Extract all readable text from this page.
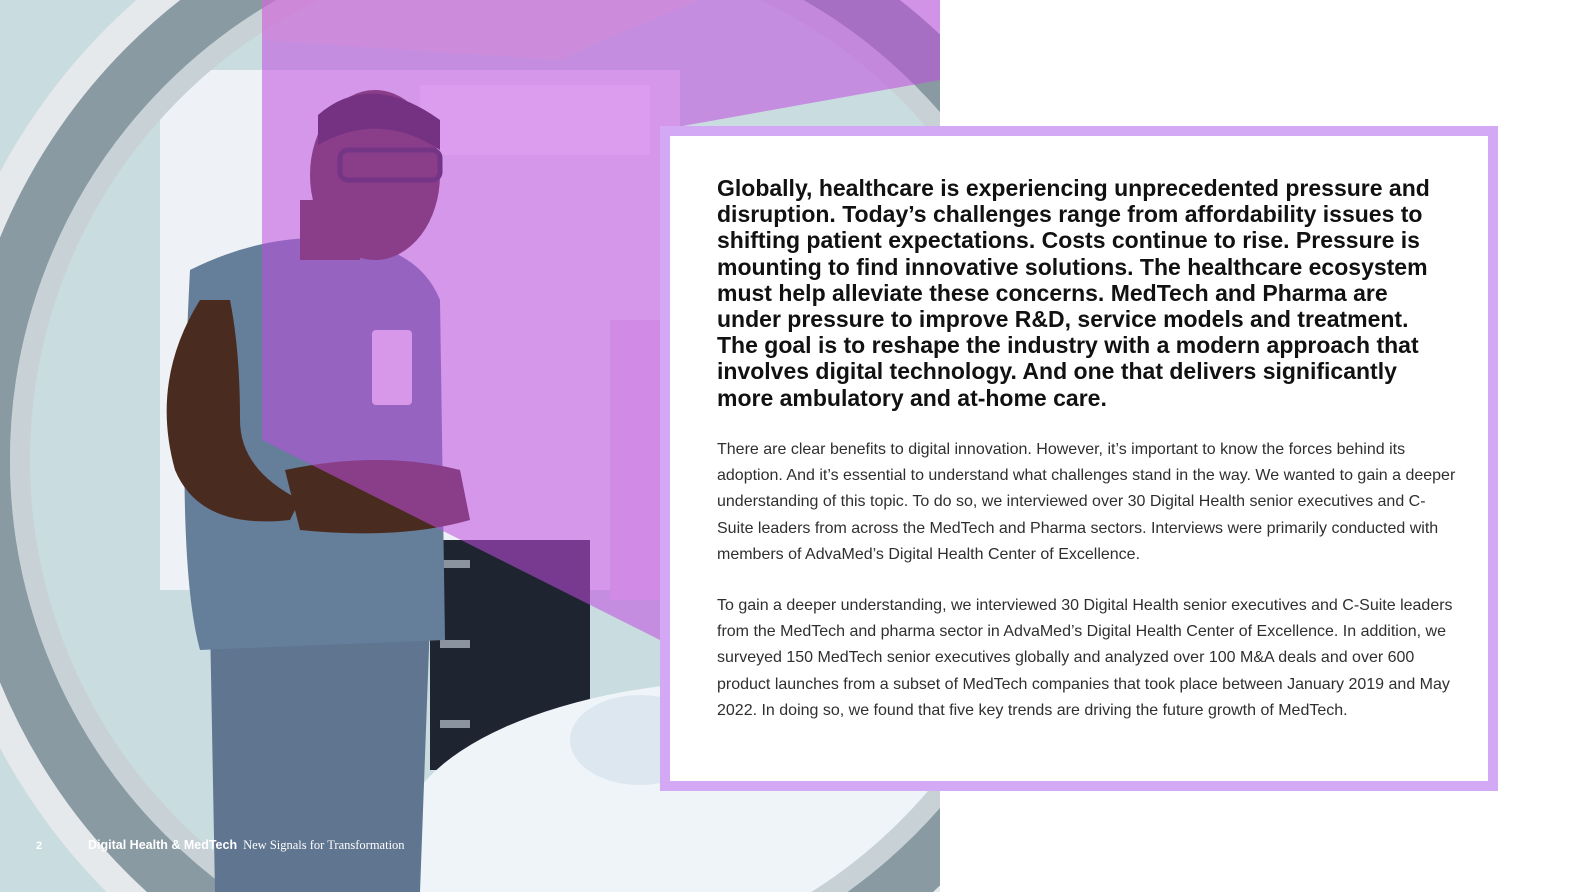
Globally, healthcare is experiencing unprecedented pressure and disruption. Today’s challenges range from affordability issues to shifting patient expectations. Costs continue to rise. Pressure is mounting to find innovative solutions. The healthcare ecosystem must help alleviate these concerns. MedTech and Pharma are under pressure to improve R&D, service models and treatment. The goal is to reshape the industry with a modern approach that involves digital technology. And one that delivers significantly more ambulatory and at-home care.

There are clear benefits to digital innovation. However, it’s important to know the forces behind its adoption. And it’s essential to understand what challenges stand in the way. We wanted to gain a deeper understanding of this topic. To do so, we interviewed over 30 Digital Health senior executives and C-Suite leaders from across the MedTech and Pharma sectors. Interviews were primarily conducted with members of AdvaMed’s Digital Health Center of Excellence.

To gain a deeper understanding, we interviewed 30 Digital Health senior executives and C-Suite leaders from the MedTech and pharma sector in AdvaMed’s Digital Health Center of Excellence. In addition, we surveyed 150 MedTech senior executives globally and analyzed over 100 M&A deals and over 600 product launches from a subset of MedTech companies that took place between January 2019 and May 2022. In doing so, we found that five key trends are driving the future growth of MedTech.

2	Digital Health & MedTech New Signals for Transformation
